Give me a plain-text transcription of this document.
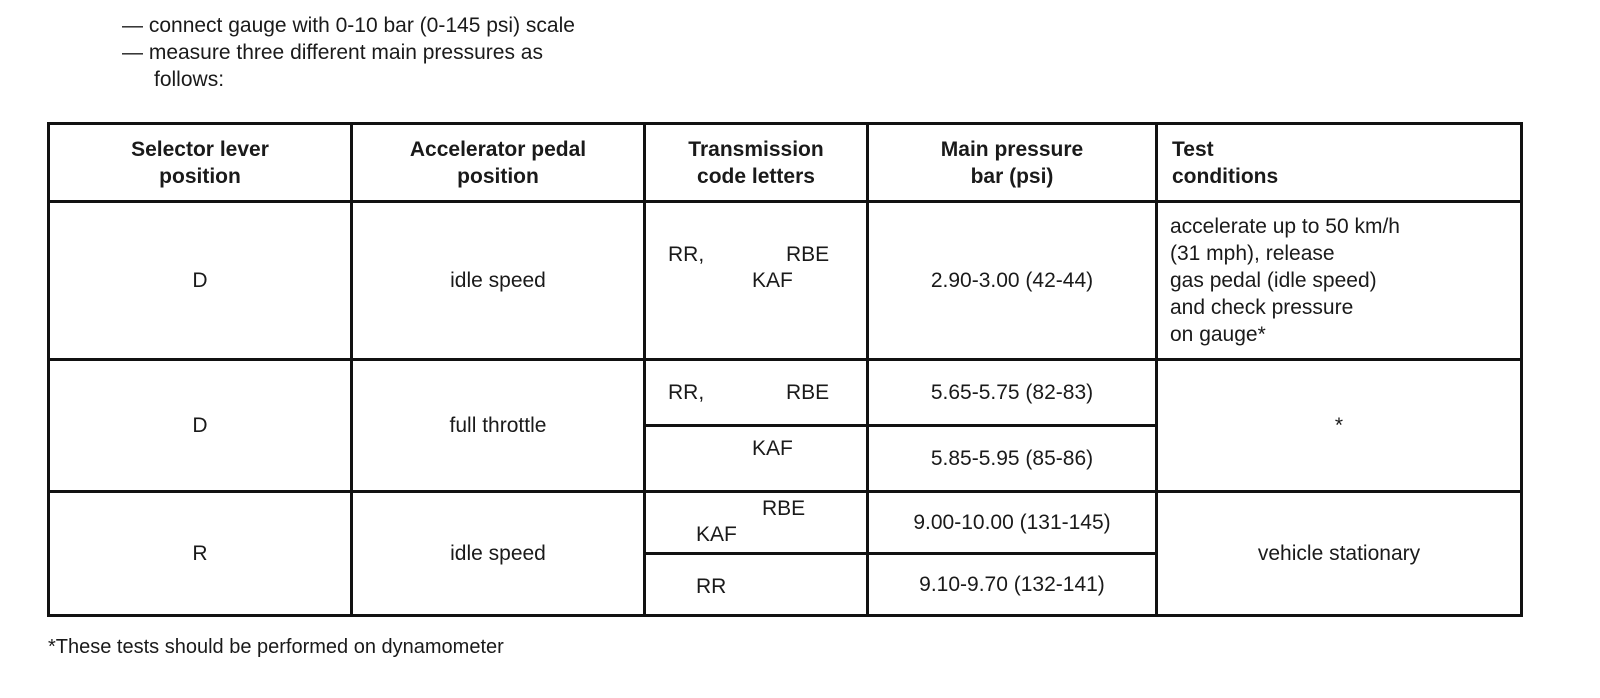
— connect gauge with 0-10 bar (0-145 psi) scale
— measure three different main pressures as
follows:
Selector lever
position	Accelerator pedal
position	Transmission
code letters	Main pressure
bar (psi)	Test
conditions
D	idle speed	RR, RBE
KAF	2.90-3.00 (42-44)	accelerate up to 50 km/h
(31 mph), release
gas pedal (idle speed)
and check pressure
on gauge*
D	full throttle	RR, RBE	5.65-5.75 (82-83)	*

		KAF	5.85-5.95 (85-86)	
R	idle speed	RBE
KAF	9.00-10.00 (131-145)	vehicle stationary

		RR	9.10-9.70 (132-141)	
*These tests should be performed on dynamometer
